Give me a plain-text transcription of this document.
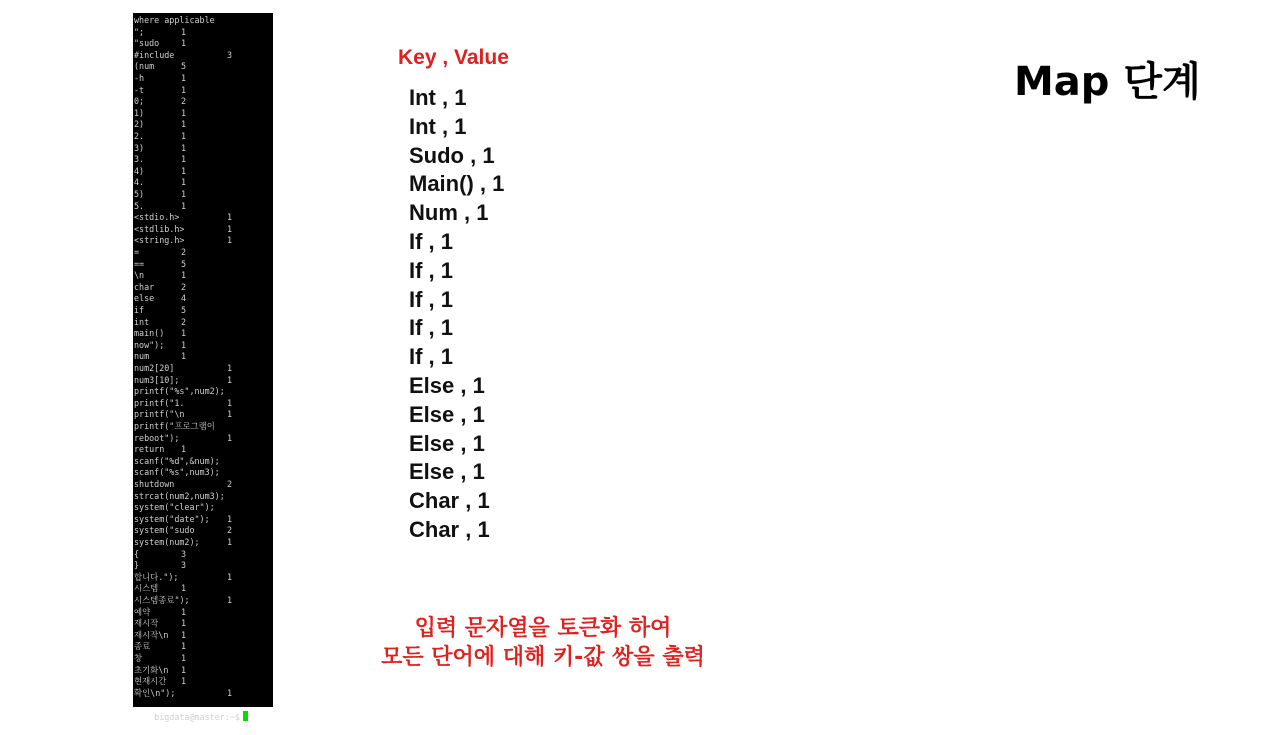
where applicable
";	1
"sudo	1
#include	3
(num	5
-h	1
-t	1
0;	2
1)	1
2)	1
2.	1
3)	1
3.	1
4)	1
4.	1
5)	1
5.	1
<stdio.h>	1
<stdlib.h>	1
<string.h>	1
=	2
==	5
\n	1
char	2
else	4
if	5
int	2
main() 1
now"); 1
num	1
num2[20]	1
num3[10];	1
printf("%s",num2);
printf("1.	1
printf("\n	1
printf("프로그램이
reboot");	1
return 1
scanf("%d",&num);
scanf("%s",num3);
shutdown	2
strcat(num2,num3);
system("clear");
system("date"); 1
system("sudo	2
system(num2);	1
{	3
}	3
합니다.");	1
시스템	1
시스템종료");	1
예약	1
재시작	1
재시작\n 1
종료	1
창	1
초기화\n 1
현재시간 1
확인\n");	1

bigdata@master:~$

Key , Value
Int , 1
Int , 1
Sudo , 1
Main() , 1
Num , 1
If , 1
If , 1
If , 1
If , 1
If , 1
Else , 1
Else , 1
Else , 1
Else , 1
Char , 1
Char , 1
Map 단계
입력 문자열을 토큰화 하여
모든 단어에 대해 키-값 쌍을 출력
